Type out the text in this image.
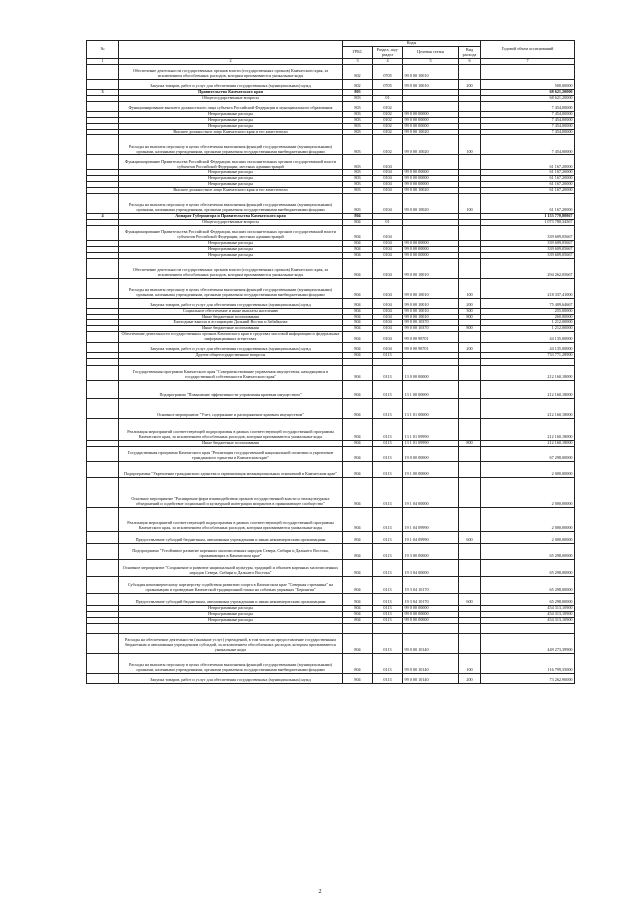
№		Коды				Годовой объем ассигнований
		ГРБС	Раздел, под-раздел	Целевая статья	Вид расхода	
1	2	3	4	5	6	7
	Обеспечение деятельности государственных органов власти (государственных органов) Камчатского края, за исключением обособленных расходов, которым присваиваются уникальные коды	802	0705	99 0 00 10010		
	Закупка товаров, работ и услуг для обеспечения государственных (муниципальных) нужд	802	0705	99 0 00 10010	200	500,00000
3	Правительство Камчатского края	803				68 621,20000
	Общегосударственные вопросы	803	01			68 621,20000
	Функционирование высшего должностного лица субъекта Российской Федерации и муниципального образования	803	0102			7 454,00000
	Непрограммные расходы	803	0102	99 0 00 00000		7 454,00000
	Непрограммные расходы	803	0102	99 0 00 00000		7 454,00000
	Непрограммные расходы	803	0102	99 0 00 00000		7 454,00000
	Высшее должностное лицо Камчатского края и его заместители	803	0102	99 0 00 10020		7 454,00000
	Расходы на выплаты персоналу в целях обеспечения выполнения функций государственными (муниципальными) органами, казенными учреждениями, органами управления государственными внебюджетными фондами	803	0102	99 0 00 10020	100	7 454,00000
	Функционирование Правительства Российской Федерации, высших исполнительных органов государственной власти субъектов Российской Федерации, местных администраций	803	0104			61 167,20000
	Непрограммные расходы	803	0104	99 0 00 00000		61 167,20000
	Непрограммные расходы	803	0104	99 0 00 00000		61 167,20000
	Непрограммные расходы	803	0104	99 0 00 00000		61 167,20000
	Высшее должностное лицо Камчатского края и его заместители	803	0104	99 0 00 10020		61 167,20000
	Расходы на выплаты персоналу в целях обеспечения выполнения функций государственными (муниципальными) органами, казенными учреждениями, органами управления государственными внебюджетными фондами	803	0104	99 0 00 10020	100	61 167,20000
4	Аппарат Губернатора и Правительства Камчатского края	804				1 153 770,80867
	Общегосударственные вопросы	804	01			1 073 780,34567
	Функционирование Правительства Российской Федерации, высших исполнительных органов государственной власти субъектов Российской Федерации, местных администраций	804	0104			339 609,05667
	Непрограммные расходы	804	0104	99 0 00 00000		339 609,05667
	Непрограммные расходы	804	0104	99 0 00 00000		339 609,05667
	Непрограммные расходы	804	0104	99 0 00 00000		339 609,05667
	Обеспечение деятельности государственных органов власти (государственных органов) Камчатского края, за исключением обособленных расходов, которым присваиваются уникальные коды	804	0104	99 0 00 10010		294 262,05667
	Расходы на выплаты персоналу в целях обеспечения выполнения функций государственными (муниципальными) органами, казенными учреждениями, органами управления государственными внебюджетными фондами	804	0104	99 0 00 10010	100	218 337,41000
	Закупка товаров, работ и услуг для обеспечения государственных (муниципальных) нужд	804	0104	99 0 00 10010	200	75 409,64667
	Социальное обеспечение и иные выплаты населению	804	0104	99 0 00 10010	300	255,00000
	Иные бюджетные ассигнования	804	0104	99 0 00 10010	800	260,00000
	Ежегодные взносы в ассоциацию Дальний Восток и Забайкалье	804	0104	99 0 00 10370		1 212,00000
	Иные бюджетные ассигнования	804	0104	99 0 00 10370	800	1 212,00000
	Обеспечение деятельности государственных органов Камчатского края в средствах массовой информации и федеральных информационных агентствах	804	0104	99 0 00 98701		44 135,00000
	Закупка товаров, работ и услуг для обеспечения государственных (муниципальных) нужд	804	0104	99 0 00 98701	200	44 135,00000
	Другие общегосударственные вопросы	804	0113			733 771,28900

	Государственная программа Камчатского края "Совершенствование управления имуществом, находящимся в государственной собственности Камчатского края"	804	0113	13 0 00 00000		212 160,18000
	Подпрограмма "Повышение эффективности управления краевым имуществом"	804	0113	13 1 00 00000		212 160,18000
	Основное мероприятие "Учет, содержание и распоряжение краевым имуществом"	804	0113	13 1 01 00000		212 160,18000
	Реализация мероприятий соответствующей подпрограммы в рамках соответствующей государственной программы Камчатского края, за исключением обособленных расходов, которым присваиваются уникальные коды	804	0113	13 1 01 09990		212 160,18000
	Иные бюджетные ассигнования	804	0113	13 1 01 09990	800	212 160,18000
	Государственная программа Камчатского края "Реализация государственной национальной политики и укрепление гражданского единства в Камчатском крае"	804	0113	19 0 00 00000		67 298,00000
	Подпрограмма "Укрепление гражданского единства и гармонизация межнациональных отношений в Камчатском крае"	804	0113	19 1 00 00000		2 000,00000
	Основное мероприятие "Расширение форм взаимодействия органов государственной власти и этнокультурных объединений и содействие социальной и культурной интеграции мигрантов в принимающее сообщество"	804	0113	19 1 04 00000		2 000,00000
	Реализация мероприятий соответствующей подпрограммы в рамках соответствующей государственной программы Камчатского края, за исключением обособленных расходов, которым присваиваются уникальные коды	804	0113	19 1 04 09990		2 000,00000
	Предоставление субсидий бюджетным, автономным учреждениям и иным некоммерческим организациям	804	0113	19 1 04 09990	600	2 000,00000
	Подпрограмма "Устойчивое развитие коренных малочисленных народов Севера, Сибири и Дальнего Востока, проживающих в Камчатском крае"	804	0113	19 3 00 00000		65 298,00000
	Основное мероприятие "Сохранение и развитие национальной культуры, традиций и обычаев коренных малочисленных народов Севера, Сибири и Дальнего Востока"	804	0113	19 3 04 00000		65 298,00000
	Субсидия некоммерческому партнерству содействия развитию спорта в Камчатском крае "Северная стремнина" на организацию и проведение Камчатской традиционной гонки на собачьих упряжках "Берингия"	804	0113	19 3 04 10170		65 298,00000
	Предоставление субсидий бюджетным, автономным учреждениям и иным некоммерческим организациям	804	0113	19 3 04 10170	600	65 298,00000
	Непрограммные расходы	804	0113	99 0 00 00000		454 313,10900
	Непрограммные расходы	804	0113	99 0 00 00000		454 313,10900
	Непрограммные расходы	804	0113	99 0 00 00000		454 313,10900

	Расходы на обеспечение деятельности (оказание услуг) учреждений, в том числе на предоставление государственным бюджетным и автономным учреждениям субсидий, за исключением обособленных расходов, которым присваиваются уникальные коды	804	0113	99 0 00 10140		449 273,39900
	Расходы на выплаты персоналу в целях обеспечения выполнения функций государственными (муниципальными) органами, казенными учреждениями, органами управления государственными внебюджетными фондами	804	0113	99 0 00 10140	100	116 799,35000
	Закупка товаров, работ и услуг для обеспечения государственных (муниципальных) нужд	804	0113	99 0 00 10140	200	73 262,90000
2
